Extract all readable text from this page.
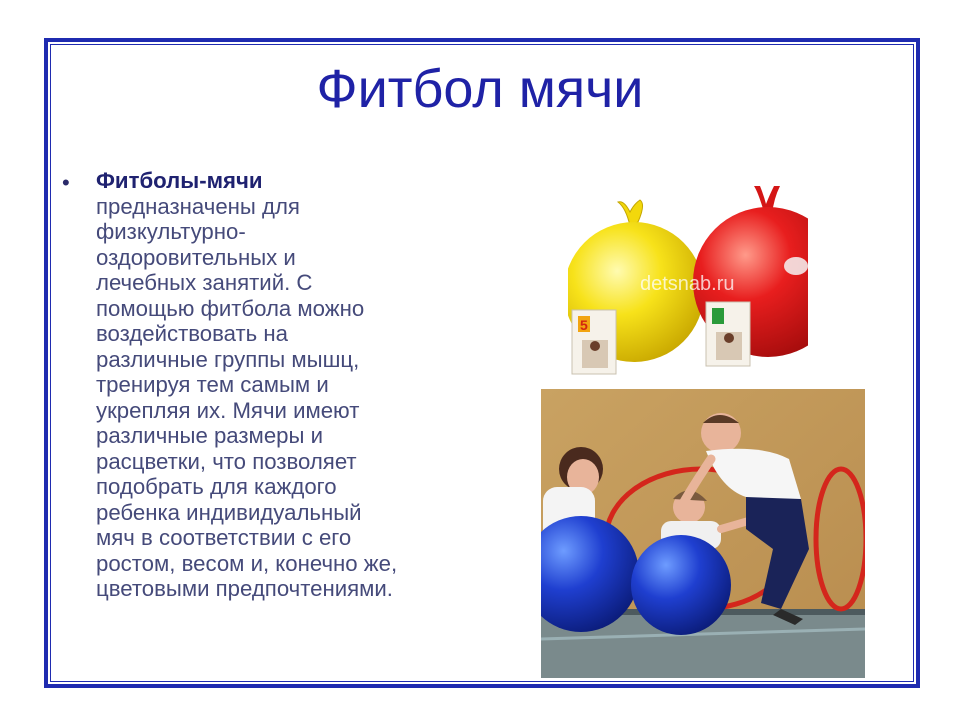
Фитбол мячи
• Фитболы-мячи
предназначены для
физкультурно-
оздоровительных и
лечебных занятий. С
помощью фитбола можно
воздействовать на
различные группы мышц,
тренируя тем самым и
укрепляя их. Мячи имеют
различные размеры и
расцветки, что позволяет
подобрать для каждого
ребенка индивидуальный
мяч в соответствии с его
ростом, весом и, конечно же,
цветовыми предпочтениями.
detsnab.ru
5
